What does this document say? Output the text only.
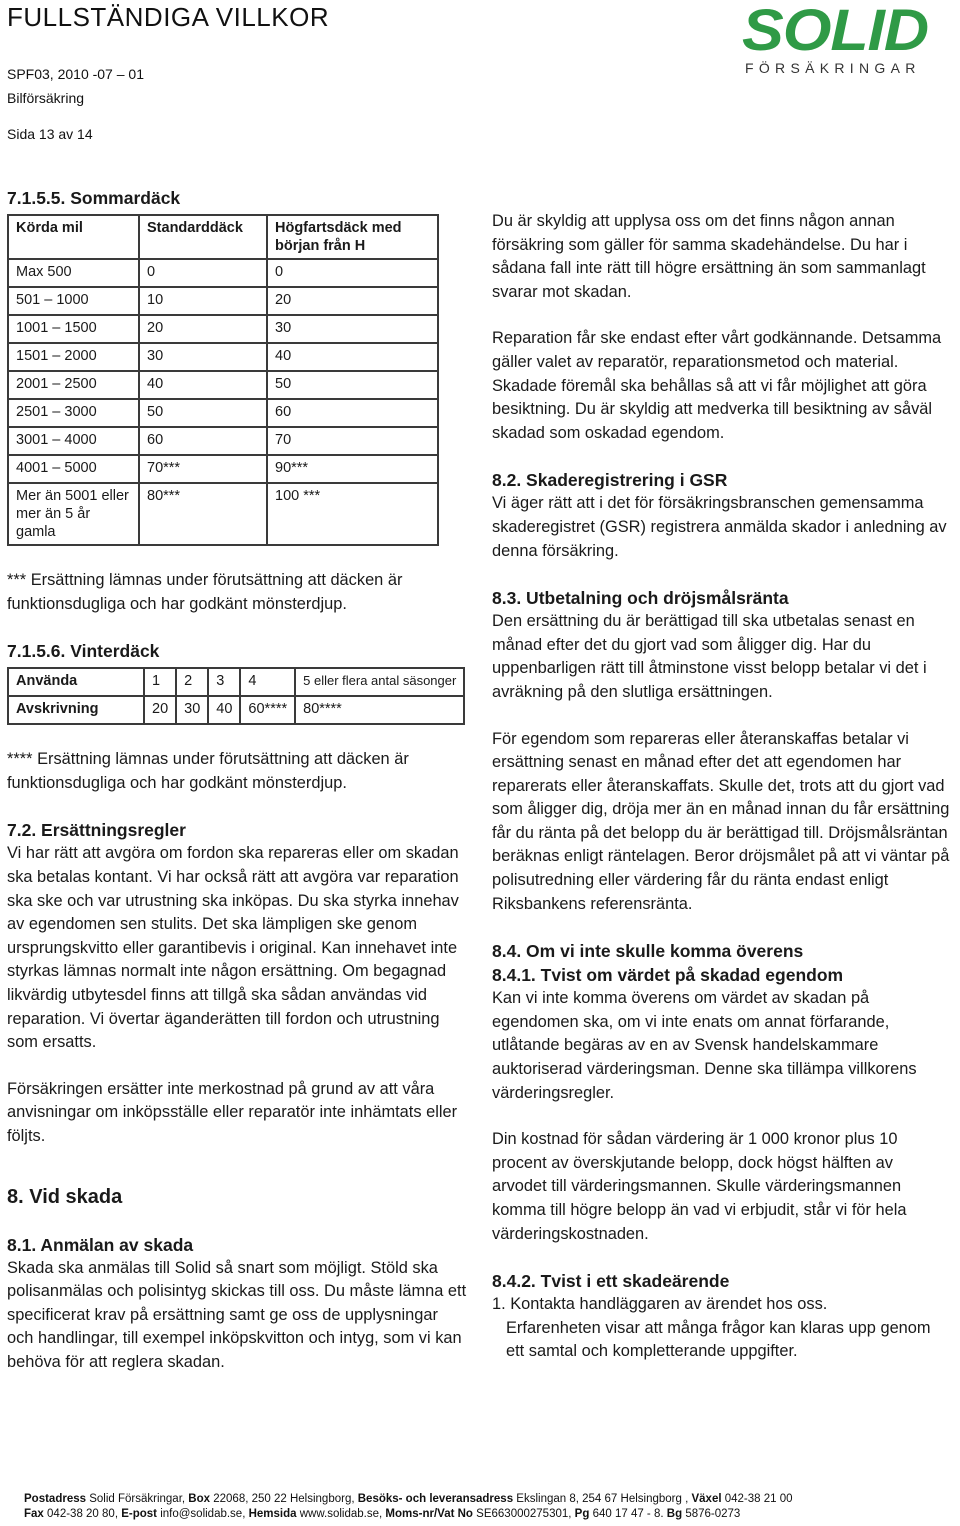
FULLSTÄNDIGA VILLKOR
SPF03, 2010 -07 – 01
Bilförsäkring
Sida 13 av 14
SOLID
FÖRSÄKRINGAR
7.1.5.5. Sommardäck
Körda mil	Standarddäck	Högfartsdäck med början från H
Max 500	0	0
501 – 1000	10	20
1001 – 1500	20	30
1501 – 2000	30	40
2001 – 2500	40	50
2501 – 3000	50	60
3001 – 4000	60	70
4001 – 5000	70***	90***
Mer än 5001 eller mer än 5 år gamla	80***	100 ***

*** Ersättning lämnas under förutsättning att däcken är funktionsdugliga och har godkänt mönsterdjup.

7.1.5.6. Vinterdäck
Använda	1	2	3	4	5 eller flera antal säsonger
Avskrivning	20	30	40	60****	80****

**** Ersättning lämnas under förutsättning att däcken är funktionsdugliga och har godkänt mönsterdjup.

7.2. Ersättningsregler

Vi har rätt att avgöra om fordon ska repareras eller om skadan ska betalas kontant. Vi har också rätt att avgöra var reparation ska ske och var utrustning ska inköpas. Du ska styrka innehav av egendomen sen stulits. Det ska lämpligen ske genom ursprungskvitto eller garantibevis i original. Kan innehavet inte styrkas lämnas normalt inte någon ersättning. Om begagnad likvärdig utbytesdel finns att tillgå ska sådan användas vid reparation. Vi övertar äganderätten till fordon och utrustning som ersatts.

Försäkringen ersätter inte merkostnad på grund av att våra anvisningar om inköpsställe eller reparatör inte inhämtats eller följts.

8. Vid skada
8.1. Anmälan av skada

Skada ska anmälas till Solid så snart som möjligt. Stöld ska polisanmälas och polisintyg skickas till oss. Du måste lämna ett specificerat krav på ersättning samt ge oss de upplysningar och handlingar, till exempel inköpskvitton och intyg, som vi kan behöva för att reglera skadan.

Du är skyldig att upplysa oss om det finns någon annan försäkring som gäller för samma skadehändelse. Du har i sådana fall inte rätt till högre ersättning än som sammanlagt svarar mot skadan.

Reparation får ske endast efter vårt godkännande. Detsamma gäller valet av reparatör, reparationsmetod och material. Skadade föremål ska behållas så att vi får möjlighet att göra besiktning. Du är skyldig att medverka till besiktning av såväl skadad som oskadad egendom.

8.2. Skaderegistrering i GSR

Vi äger rätt att i det för försäkringsbranschen gemensamma skaderegistret (GSR) registrera anmälda skador i anledning av denna försäkring.

8.3. Utbetalning och dröjsmålsränta

Den ersättning du är berättigad till ska utbetalas senast en månad efter det du gjort vad som åligger dig. Har du uppenbarligen rätt till åtminstone visst belopp betalar vi det i avräkning på den slutliga ersättningen.

För egendom som repareras eller återanskaffas betalar vi ersättning senast en månad efter det att egendomen har reparerats eller återanskaffats. Skulle det, trots att du gjort vad som åligger dig, dröja mer än en månad innan du får ersättning får du ränta på det belopp du är berättigad till. Dröjsmålsräntan beräknas enligt räntelagen. Beror dröjsmålet på att vi väntar på polisutredning eller värdering får du ränta endast enligt Riksbankens referensränta.

8.4. Om vi inte skulle komma överens
8.4.1. Tvist om värdet på skadad egendom

Kan vi inte komma överens om värdet av skadan på egendomen ska, om vi inte enats om annat förfarande, utlåtande begäras av en av Svensk handelskammare auktoriserad värderingsman. Denne ska tillämpa villkorens värderingsregler.

Din kostnad för sådan värdering är 1 000 kronor plus 10 procent av överskjutande belopp, dock högst hälften av arvodet till värderingsmannen. Skulle värderingsmannen komma till högre belopp än vad vi erbjudit, står vi för hela värderingskostnaden.

8.4.2. Tvist i ett skadeärende

1. Kontakta handläggaren av ärendet hos oss.

Erfarenheten visar att många frågor kan klaras upp genom ett samtal och kompletterande uppgifter.

Postadress Solid Försäkringar, Box 22068, 250 22 Helsingborg, Besöks- och leveransadress Ekslingan 8, 254 67 Helsingborg , Växel 042-38 21 00
Fax 042-38 20 80, E-post info@solidab.se, Hemsida www.solidab.se, Moms-nr/Vat No SE663000275301, Pg 640 17 47 - 8. Bg 5876-0273
